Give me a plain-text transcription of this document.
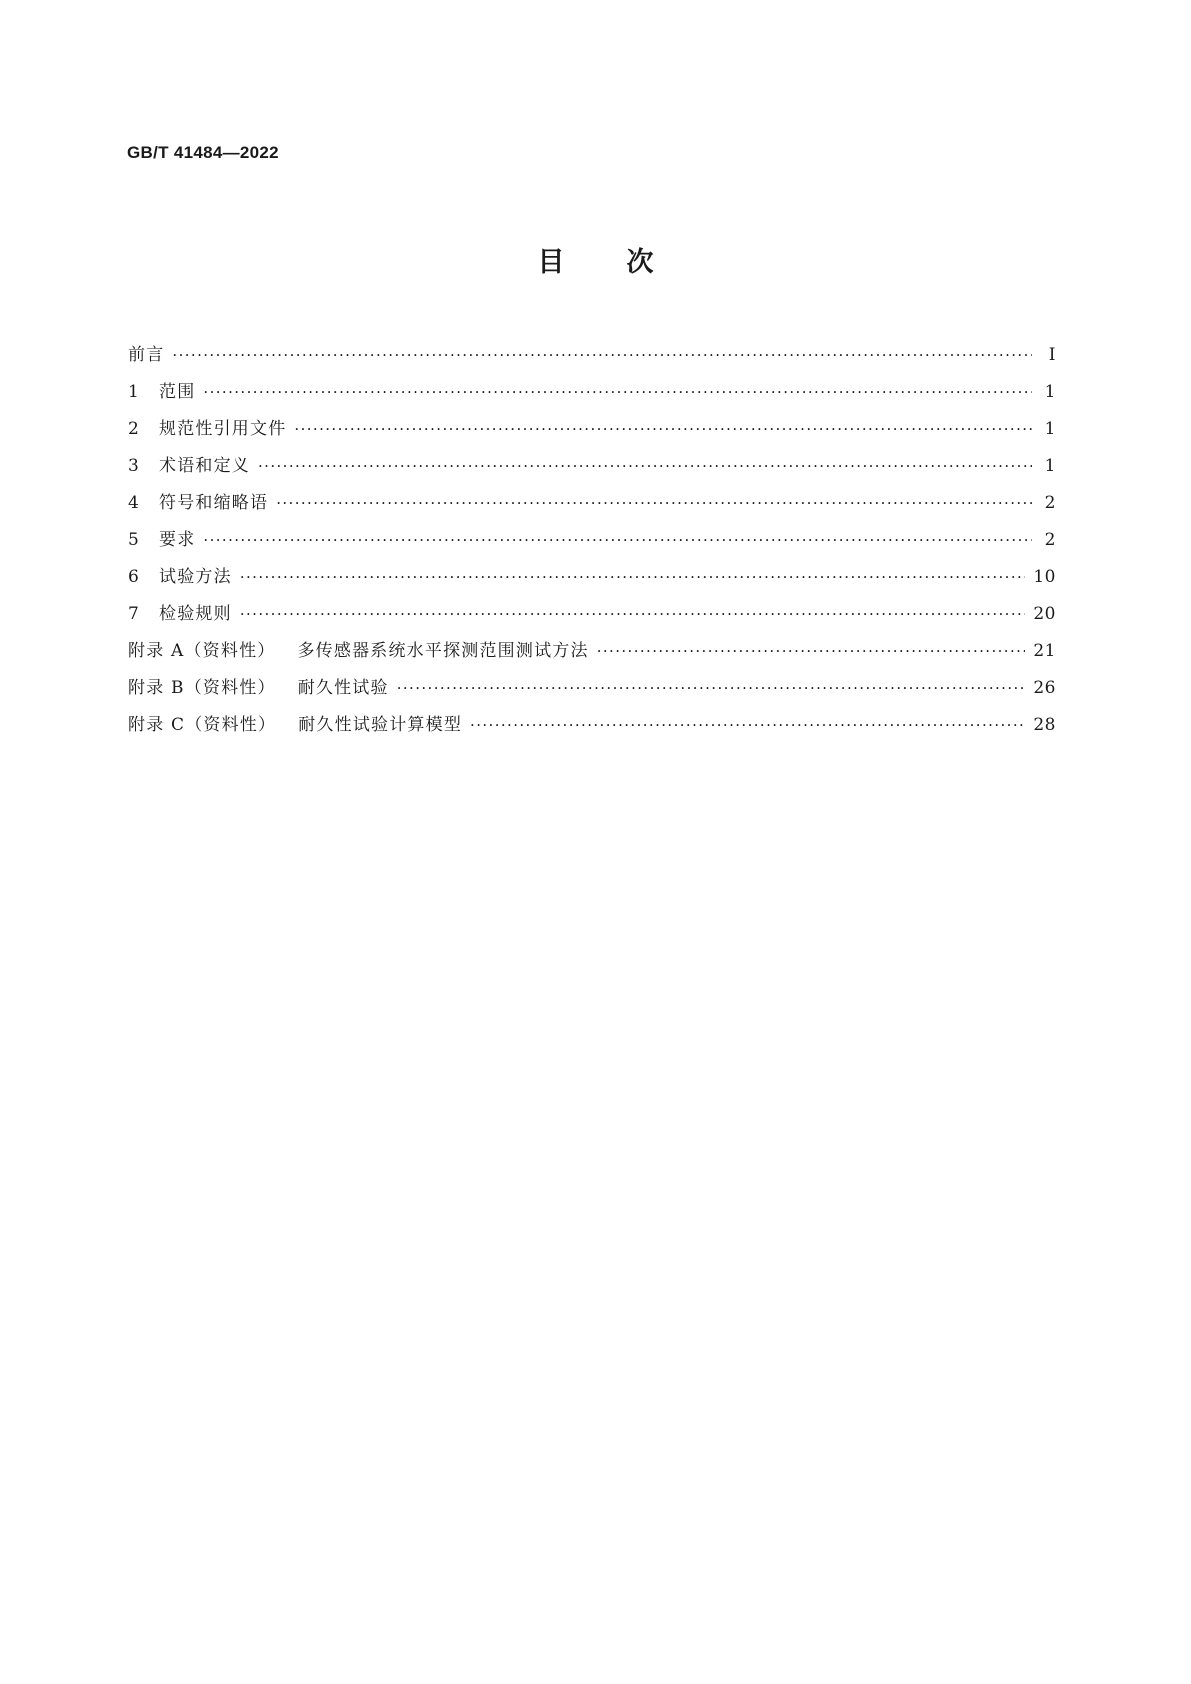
GB/T 41484—2022
目 次
前言 ·····	Ⅰ
1	范围 ·····	1
2	规范性引用文件 ·····	1
3	术语和定义 ·····	1
4	符号和缩略语 ·····	2
5	要求 ·····	2
6	试验方法 ·····	10
7	检验规则 ·····	20
附录 A（资料性） 多传感器系统水平探测范围测试方法 ·····	21
附录 B（资料性） 耐久性试验 ·····	26
附录 C（资料性） 耐久性试验计算模型 ·····	28
